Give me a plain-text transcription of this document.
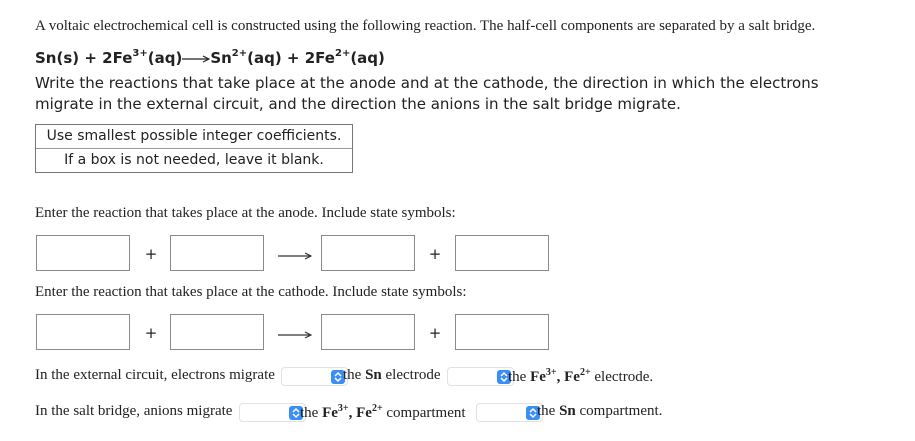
A voltaic electrochemical cell is constructed using the following reaction. The half-cell components are separated by a salt bridge.
$Sn(s) + 2Fe^{3+}(aq)\to Sn^{2+}(aq) + 2Fe^{2+}(aq)$
Write the reactions that take place at the anode and at the cathode, the direction in which the electrons migrate in the external circuit, and the direction the anions in the salt bridge migrate.
Use smallest possible integer coefficients.
If a box is not needed, leave it blank.
Enter the reaction that takes place at the anode. Include state symbols:
+	+
Enter the reaction that takes place at the cathode. Include state symbols:
+	+
In the external circuit, electrons migrate	the Sn electrode	the $Fe^{3+}$, $Fe^{2+}$ electrode.
In the salt bridge, anions migrate	the $Fe^{3+}$, $Fe^{2+}$ compartment	the Sn compartment.
